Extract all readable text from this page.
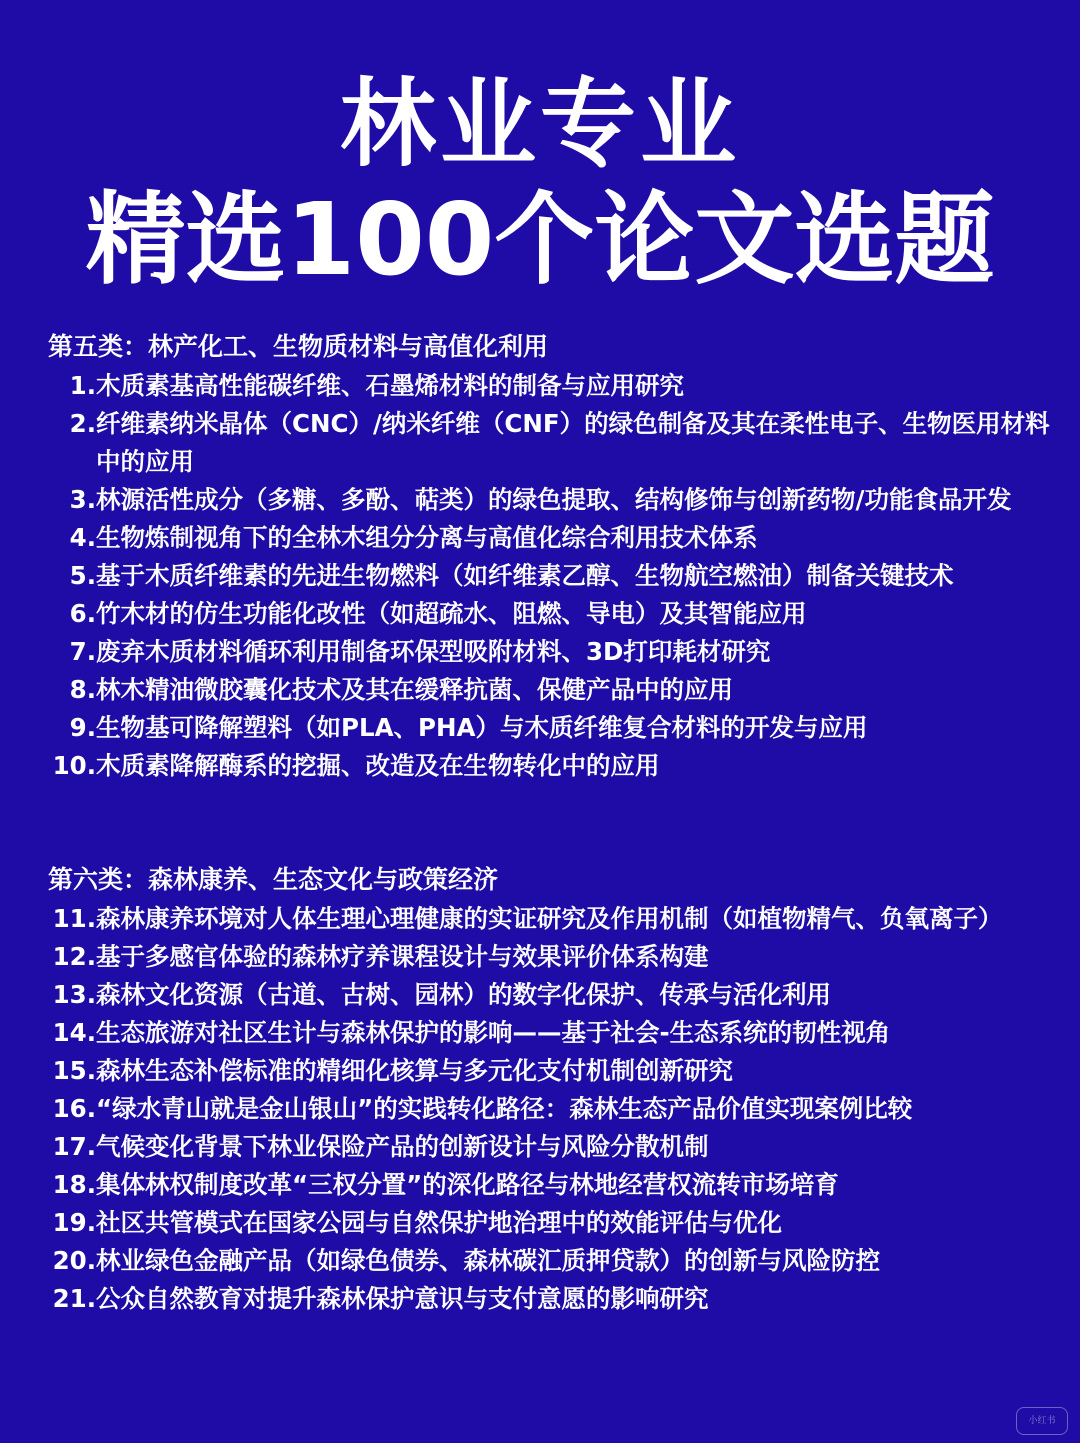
林业专业
精选100个论文选题
第五类：林产化工、生物质材料与高值化利用
1. 木质素基高性能碳纤维、石墨烯材料的制备与应用研究
2. 纤维素纳米晶体（CNC）/纳米纤维（CNF）的绿色制备及其在柔性电子、生物医用材料中的应用
3. 林源活性成分（多糖、多酚、萜类）的绿色提取、结构修饰与创新药物/功能食品开发
4. 生物炼制视角下的全林木组分分离与高值化综合利用技术体系
5. 基于木质纤维素的先进生物燃料（如纤维素乙醇、生物航空燃油）制备关键技术
6. 竹木材的仿生功能化改性（如超疏水、阻燃、导电）及其智能应用
7. 废弃木质材料循环利用制备环保型吸附材料、3D打印耗材研究
8. 林木精油微胶囊化技术及其在缓释抗菌、保健产品中的应用
9. 生物基可降解塑料（如PLA、PHA）与木质纤维复合材料的开发与应用
10. 木质素降解酶系的挖掘、改造及在生物转化中的应用
第六类：森林康养、生态文化与政策经济
11. 森林康养环境对人体生理心理健康的实证研究及作用机制（如植物精气、负氧离子）
12. 基于多感官体验的森林疗养课程设计与效果评价体系构建
13. 森林文化资源（古道、古树、园林）的数字化保护、传承与活化利用
14. 生态旅游对社区生计与森林保护的影响——基于社会-生态系统的韧性视角
15. 森林生态补偿标准的精细化核算与多元化支付机制创新研究
16. “绿水青山就是金山银山”的实践转化路径：森林生态产品价值实现案例比较
17. 气候变化背景下林业保险产品的创新设计与风险分散机制
18. 集体林权制度改革“三权分置”的深化路径与林地经营权流转市场培育
19. 社区共管模式在国家公园与自然保护地治理中的效能评估与优化
20. 林业绿色金融产品（如绿色债券、森林碳汇质押贷款）的创新与风险防控
21. 公众自然教育对提升森林保护意识与支付意愿的影响研究
小红书
